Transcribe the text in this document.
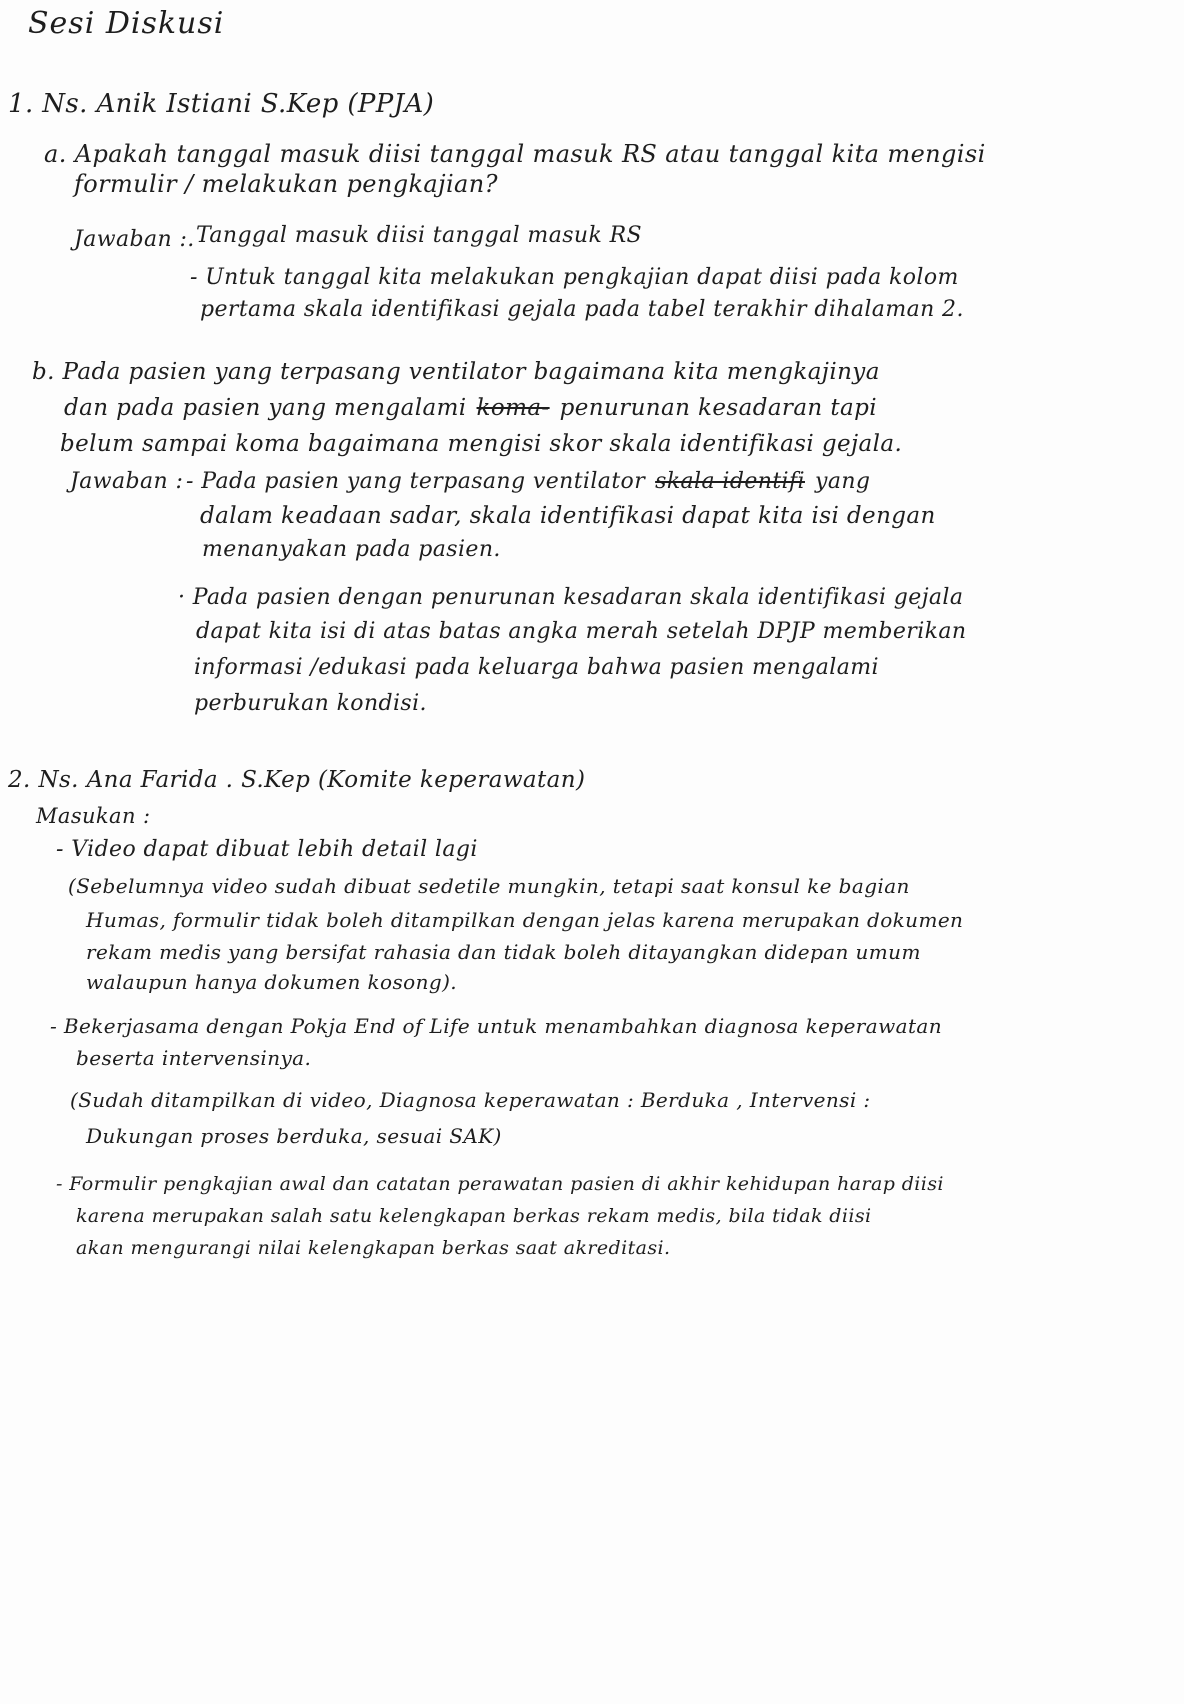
Sesi Diskusi
1. Ns. Anik Istiani S.Kep (PPJA)
a. Apakah tanggal masuk diisi tanggal masuk RS atau tanggal kita mengisi
formulir / melakukan pengkajian?
Jawaban :. Tanggal masuk diisi tanggal masuk RS
- Untuk tanggal kita melakukan pengkajian dapat diisi pada kolom
pertama skala identifikasi gejala pada tabel terakhir dihalaman 2.
b. Pada pasien yang terpasang ventilator bagaimana kita mengkajinya
dan pada pasien yang mengalami koma- penurunan kesadaran tapi
belum sampai koma bagaimana mengisi skor skala identifikasi gejala.
Jawaban : - Pada pasien yang terpasang ventilator skala identifi yang
dalam keadaan sadar, skala identifikasi dapat kita isi dengan
menanyakan pada pasien.
· Pada pasien dengan penurunan kesadaran skala identifikasi gejala
dapat kita isi di atas batas angka merah setelah DPJP memberikan
informasi /edukasi pada keluarga bahwa pasien mengalami
perburukan kondisi.
2. Ns. Ana Farida . S.Kep (Komite keperawatan)
Masukan :
- Video dapat dibuat lebih detail lagi
(Sebelumnya video sudah dibuat sedetile mungkin, tetapi saat konsul ke bagian
Humas, formulir tidak boleh ditampilkan dengan jelas karena merupakan dokumen
rekam medis yang bersifat rahasia dan tidak boleh ditayangkan didepan umum
walaupun hanya dokumen kosong).
- Bekerjasama dengan Pokja End of Life untuk menambahkan diagnosa keperawatan
beserta intervensinya.
(Sudah ditampilkan di video, Diagnosa keperawatan : Berduka , Intervensi :
Dukungan proses berduka, sesuai SAK)
- Formulir pengkajian awal dan catatan perawatan pasien di akhir kehidupan harap diisi
karena merupakan salah satu kelengkapan berkas rekam medis, bila tidak diisi
akan mengurangi nilai kelengkapan berkas saat akreditasi.
